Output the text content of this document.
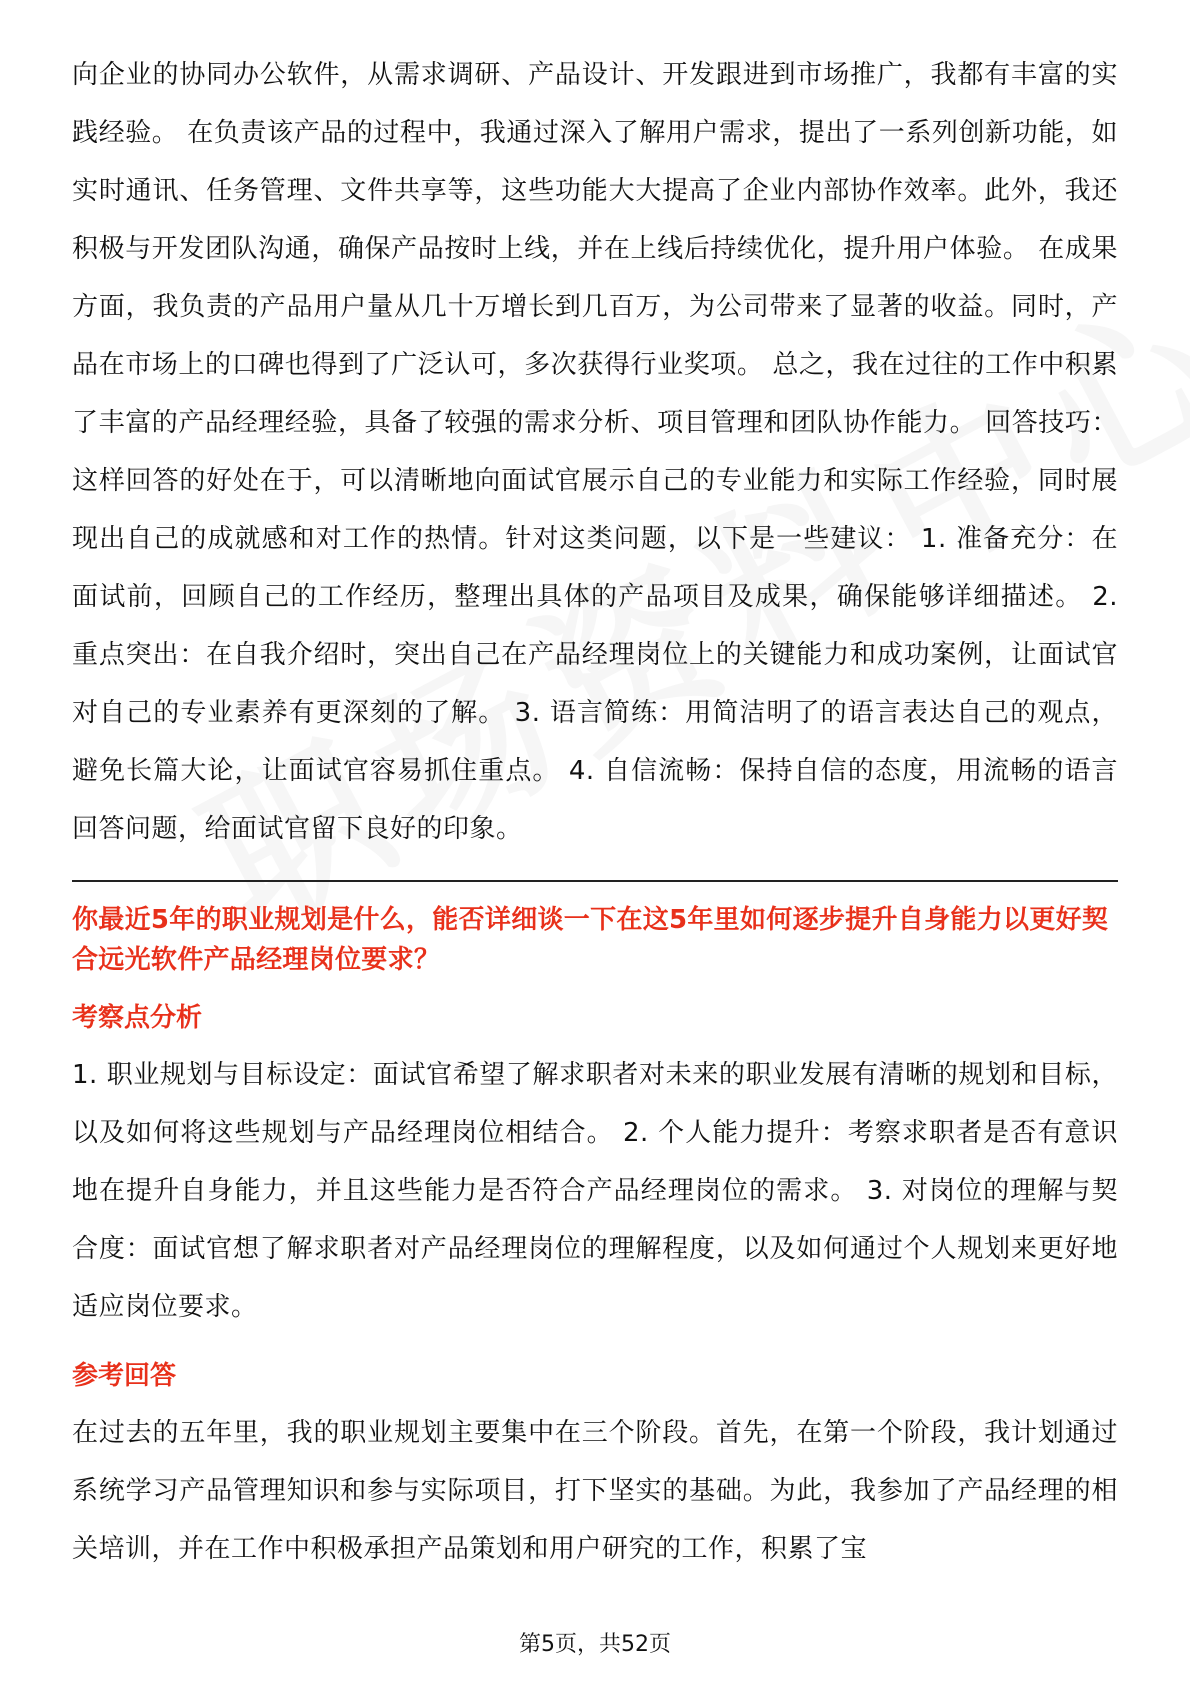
向企业的协同办公软件，从需求调研、产品设计、开发跟进到市场推广，我都有丰富的实践经验。 在负责该产品的过程中，我通过深入了解用户需求，提出了一系列创新功能，如实时通讯、任务管理、文件共享等，这些功能大大提高了企业内部协作效率。此外，我还积极与开发团队沟通，确保产品按时上线，并在上线后持续优化，提升用户体验。 在成果方面，我负责的产品用户量从几十万增长到几百万，为公司带来了显著的收益。同时，产品在市场上的口碑也得到了广泛认可，多次获得行业奖项。 总之，我在过往的工作中积累了丰富的产品经理经验，具备了较强的需求分析、项目管理和团队协作能力。 回答技巧： 这样回答的好处在于，可以清晰地向面试官展示自己的专业能力和实际工作经验，同时展现出自己的成就感和对工作的热情。针对这类问题，以下是一些建议： 1. 准备充分：在面试前，回顾自己的工作经历，整理出具体的产品项目及成果，确保能够详细描述。 2. 重点突出：在自我介绍时，突出自己在产品经理岗位上的关键能力和成功案例，让面试官对自己的专业素养有更深刻的了解。 3. 语言简练：用简洁明了的语言表达自己的观点，避免长篇大论，让面试官容易抓住重点。 4. 自信流畅：保持自信的态度，用流畅的语言回答问题，给面试官留下良好的印象。

你最近5年的职业规划是什么，能否详细谈一下在这5年里如何逐步提升自身能力以更好契合远光软件产品经理岗位要求？

考察点分析

1. 职业规划与目标设定：面试官希望了解求职者对未来的职业发展有清晰的规划和目标，以及如何将这些规划与产品经理岗位相结合。 2. 个人能力提升：考察求职者是否有意识地在提升自身能力，并且这些能力是否符合产品经理岗位的需求。 3. 对岗位的理解与契合度：面试官想了解求职者对产品经理岗位的理解程度，以及如何通过个人规划来更好地适应岗位要求。

参考回答

在过去的五年里，我的职业规划主要集中在三个阶段。首先，在第一个阶段，我计划通过系统学习产品管理知识和参与实际项目，打下坚实的基础。为此，我参加了产品经理的相关培训，并在工作中积极承担产品策划和用户研究的工作，积累了宝

第5页，共52页
